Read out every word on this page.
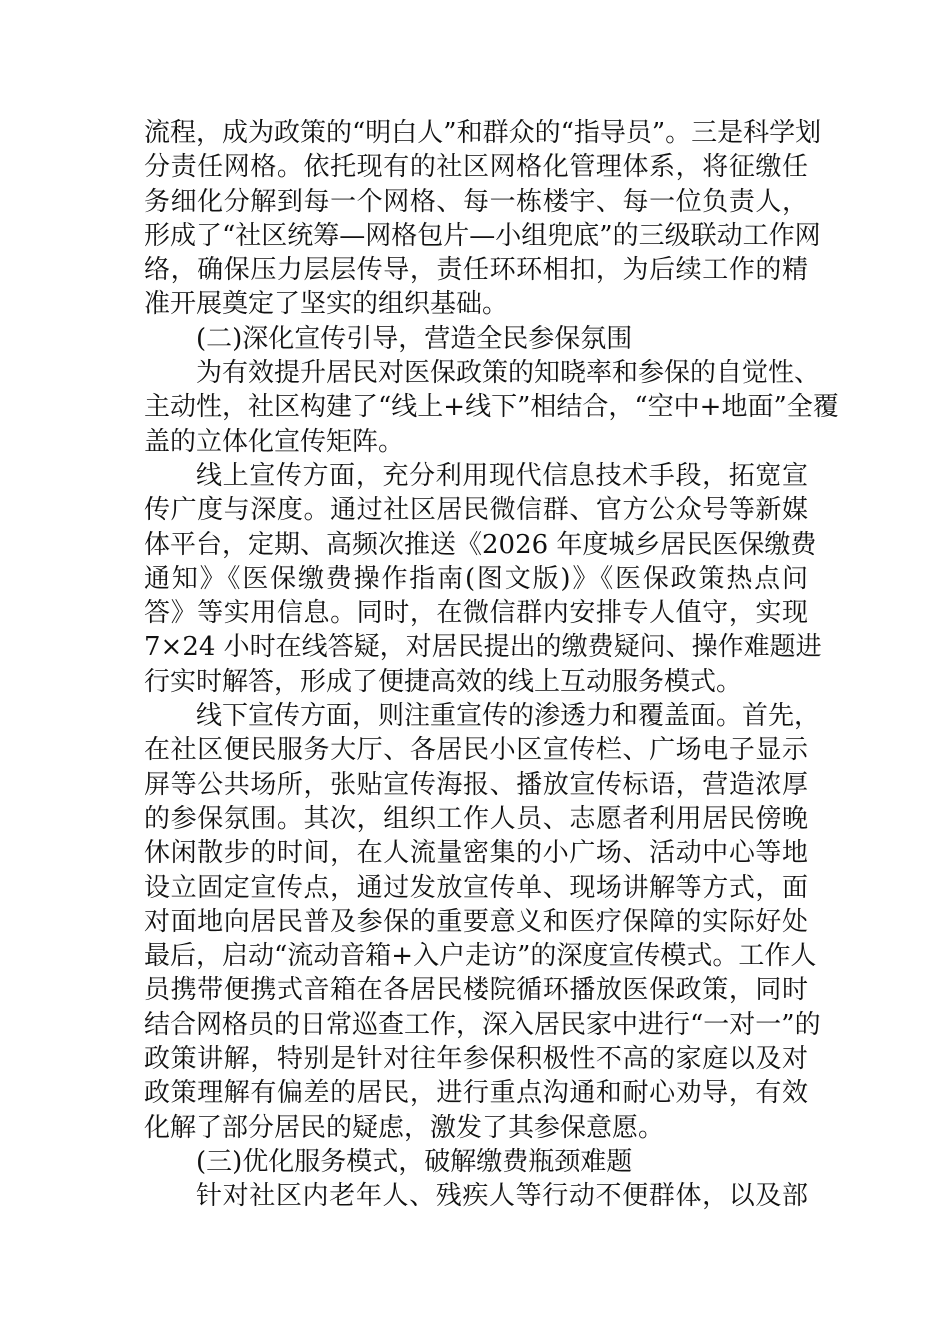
流程，成为政策的“明白人”和群众的“指导员”。三是科学划
分责任网格。依托现有的社区网格化管理体系，将征缴任
务细化分解到每一个网格、每一栋楼宇、每一位负责人，
形成了“社区统筹—网格包片—小组兜底”的三级联动工作网
络，确保压力层层传导，责任环环相扣，为后续工作的精
准开展奠定了坚实的组织基础。
(二)深化宣传引导，营造全民参保氛围
为有效提升居民对医保政策的知晓率和参保的自觉性、
主动性，社区构建了“线上+线下”相结合，“空中+地面”全覆
盖的立体化宣传矩阵。
线上宣传方面，充分利用现代信息技术手段，拓宽宣
传广度与深度。通过社区居民微信群、官方公众号等新媒
体平台，定期、高频次推送《2026 年度城乡居民医保缴费
通知》《医保缴费操作指南(图文版)》《医保政策热点问
答》等实用信息。同时，在微信群内安排专人值守，实现
7×24 小时在线答疑，对居民提出的缴费疑问、操作难题进
行实时解答，形成了便捷高效的线上互动服务模式。
线下宣传方面，则注重宣传的渗透力和覆盖面。首先，
在社区便民服务大厅、各居民小区宣传栏、广场电子显示
屏等公共场所，张贴宣传海报、播放宣传标语，营造浓厚
的参保氛围。其次，组织工作人员、志愿者利用居民傍晚
休闲散步的时间，在人流量密集的小广场、活动中心等地
设立固定宣传点，通过发放宣传单、现场讲解等方式，面
对面地向居民普及参保的重要意义和医疗保障的实际好处
最后，启动“流动音箱+入户走访”的深度宣传模式。工作人
员携带便携式音箱在各居民楼院循环播放医保政策，同时
结合网格员的日常巡查工作，深入居民家中进行“一对一”的
政策讲解，特别是针对往年参保积极性不高的家庭以及对
政策理解有偏差的居民，进行重点沟通和耐心劝导，有效
化解了部分居民的疑虑，激发了其参保意愿。
(三)优化服务模式，破解缴费瓶颈难题
针对社区内老年人、残疾人等行动不便群体，以及部
